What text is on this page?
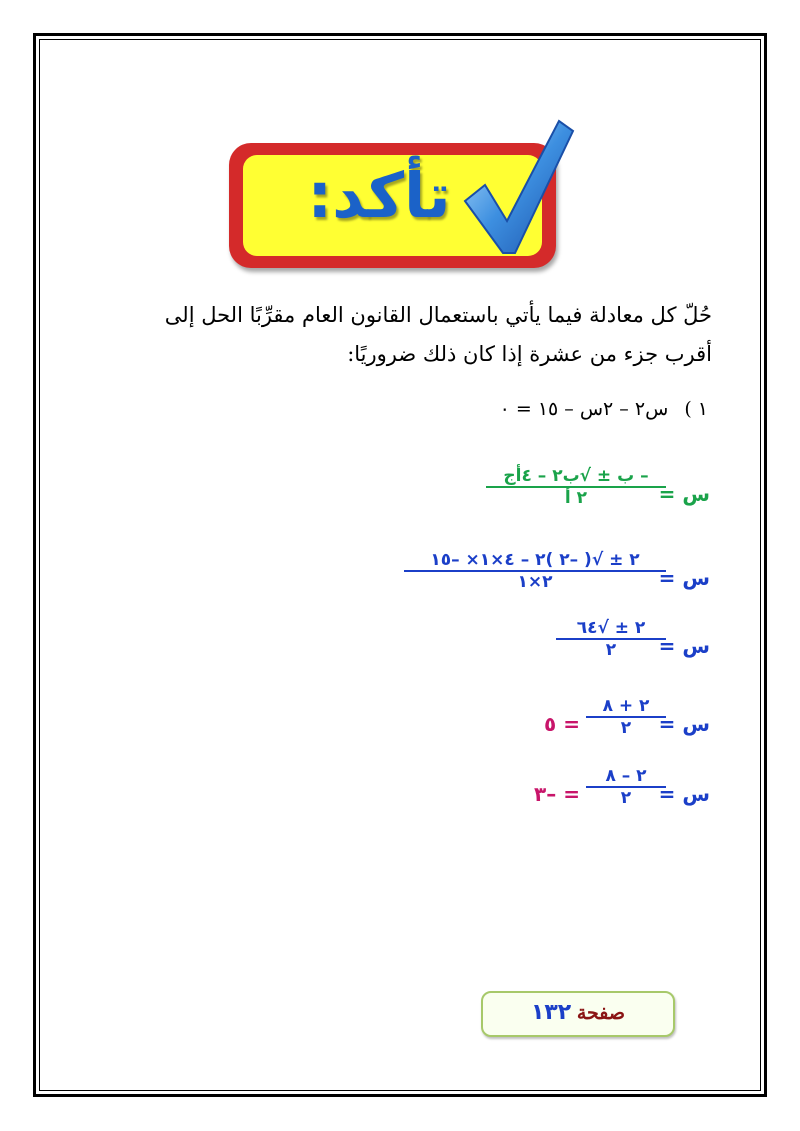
تأكد:
حُلّ كل معادلة فيما يأتي باستعمال القانون العام مقرِّبًا الحل إلى
أقرب جزء من عشرة إذا كان ذلك ضروريًا:
١ ) س٢ – ٢س – ١٥ = ٠
س =
– ب ± √ب٢ – ٤أج
٢ أ
س =
٢ ± √( –٢ )٢ – ٤×١× –١٥
٢×١
س =
٢ ± √٦٤
٢
س =
٢ + ٨
٢
= ٥
س =
٢ – ٨
٢
= –٣
صفحة ١٣٢
